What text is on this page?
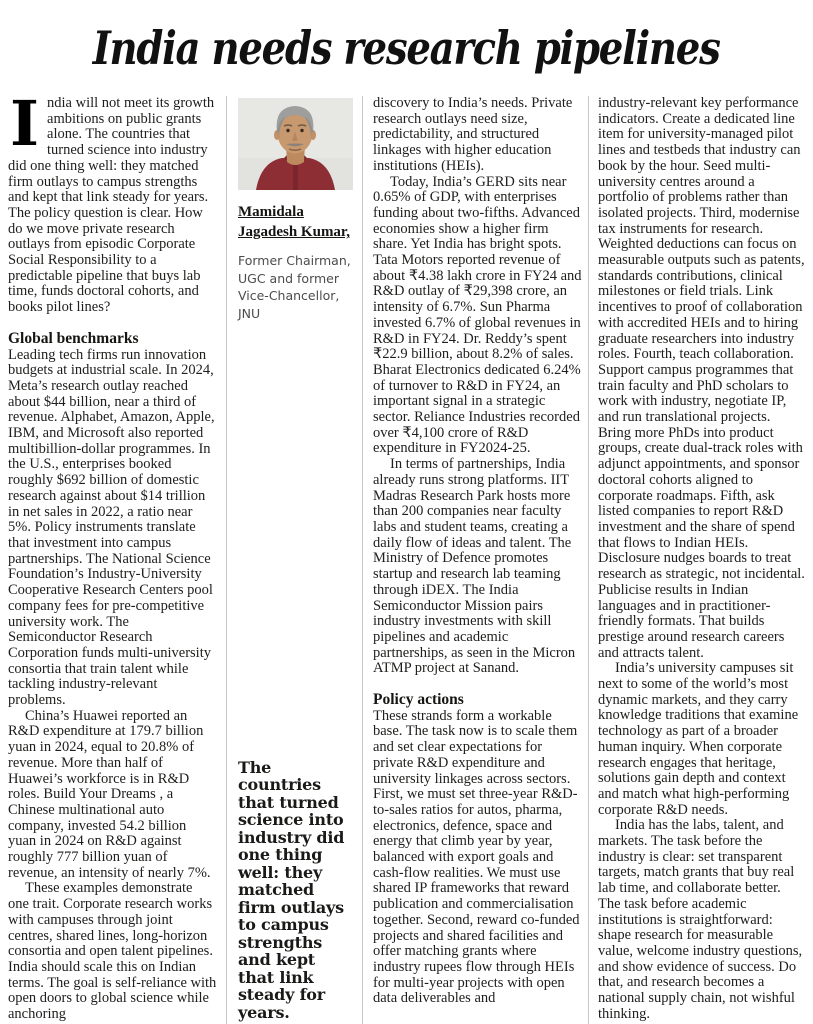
India needs research pipelines

India will not meet its growth ambitions on public grants alone. The countries that turned science into industry did one thing well: they matched firm outlays to campus strengths and kept that link steady for years. The policy question is clear. How do we move private research outlays from episodic Corporate Social Responsibility to a predictable pipeline that buys lab time, funds doctoral cohorts, and books pilot lines?

Global benchmarks

Leading tech firms run innovation budgets at industrial scale. In 2024, Meta’s research outlay reached about $44 billion, near a third of revenue. Alphabet, Amazon, Apple, IBM, and Microsoft also reported multibillion-dollar programmes. In the U.S., enterprises booked roughly $692 billion of domestic research against about $14 trillion in net sales in 2022, a ratio near 5%. Policy instruments translate that investment into campus partnerships. The National Science Foundation’s Industry-University Cooperative Research Centers pool company fees for pre-competitive university work. The Semiconductor Research Corporation funds multi-university consortia that train talent while tackling industry-relevant problems.

China’s Huawei reported an R&D expenditure at 179.7 billion yuan in 2024, equal to 20.8% of revenue. More than half of Huawei’s workforce is in R&D roles. Build Your Dreams , a Chinese multinational auto company, invested 54.2 billion yuan in 2024 on R&D against roughly 777 billion yuan of revenue, an intensity of nearly 7%.

These examples demonstrate one trait. Corporate research works with campuses through joint centres, shared lines, long-horizon consortia and open talent pipelines. India should scale this on Indian terms. The goal is self-reliance with open doors to global science while anchoring

Mamidala Jagadesh Kumar,
Former Chairman, UGC and former Vice-Chancellor, JNU
The countries that turned science into industry did one thing well: they matched firm outlays to campus strengths and kept that link steady for years.

discovery to India’s needs. Private research outlays need size, predictability, and structured linkages with higher education institutions (HEIs).

Today, India’s GERD sits near 0.65% of GDP, with enterprises funding about two-fifths. Advanced economies show a higher firm share. Yet India has bright spots. Tata Motors reported revenue of about ₹4.38 lakh crore in FY24 and R&D outlay of ₹29,398 crore, an intensity of 6.7%. Sun Pharma invested 6.7% of global revenues in R&D in FY24. Dr. Reddy’s spent ₹22.9 billion, about 8.2% of sales. Bharat Electronics dedicated 6.24% of turnover to R&D in FY24, an important signal in a strategic sector. Reliance Industries recorded over ₹4,100 crore of R&D expenditure in FY2024-25.

In terms of partnerships, India already runs strong platforms. IIT Madras Research Park hosts more than 200 companies near faculty labs and student teams, creating a daily flow of ideas and talent. The Ministry of Defence promotes startup and research lab teaming through iDEX. The India Semiconductor Mission pairs industry investments with skill pipelines and academic partnerships, as seen in the Micron ATMP project at Sanand.

Policy actions

These strands form a workable base. The task now is to scale them and set clear expectations for private R&D expenditure and university linkages across sectors. First, we must set three-year R&D-to-sales ratios for autos, pharma, electronics, defence, space and energy that climb year by year, balanced with export goals and cash-flow realities. We must use shared IP frameworks that reward publication and commercialisation together. Second, reward co-funded projects and shared facilities and offer matching grants where industry rupees flow through HEIs for multi-year projects with open data deliverables and

industry-relevant key performance indicators. Create a dedicated line item for university-managed pilot lines and testbeds that industry can book by the hour. Seed multi-university centres around a portfolio of problems rather than isolated projects. Third, modernise tax instruments for research. Weighted deductions can focus on measurable outputs such as patents, standards contributions, clinical milestones or field trials. Link incentives to proof of collaboration with accredited HEIs and to hiring graduate researchers into industry roles. Fourth, teach collaboration. Support campus programmes that train faculty and PhD scholars to work with industry, negotiate IP, and run translational projects. Bring more PhDs into product groups, create dual-track roles with adjunct appointments, and sponsor doctoral cohorts aligned to corporate roadmaps. Fifth, ask listed companies to report R&D investment and the share of spend that flows to Indian HEIs. Disclosure nudges boards to treat research as strategic, not incidental. Publicise results in Indian languages and in practitioner-friendly formats. That builds prestige around research careers and attracts talent.

India’s university campuses sit next to some of the world’s most dynamic markets, and they carry knowledge traditions that examine technology as part of a broader human inquiry. When corporate research engages that heritage, solutions gain depth and context and match what high-performing corporate R&D needs.

India has the labs, talent, and markets. The task before the industry is clear: set transparent targets, match grants that buy real lab time, and collaborate better. The task before academic institutions is straightforward: shape research for measurable value, welcome industry questions, and show evidence of success. Do that, and research becomes a national supply chain, not wishful thinking.
